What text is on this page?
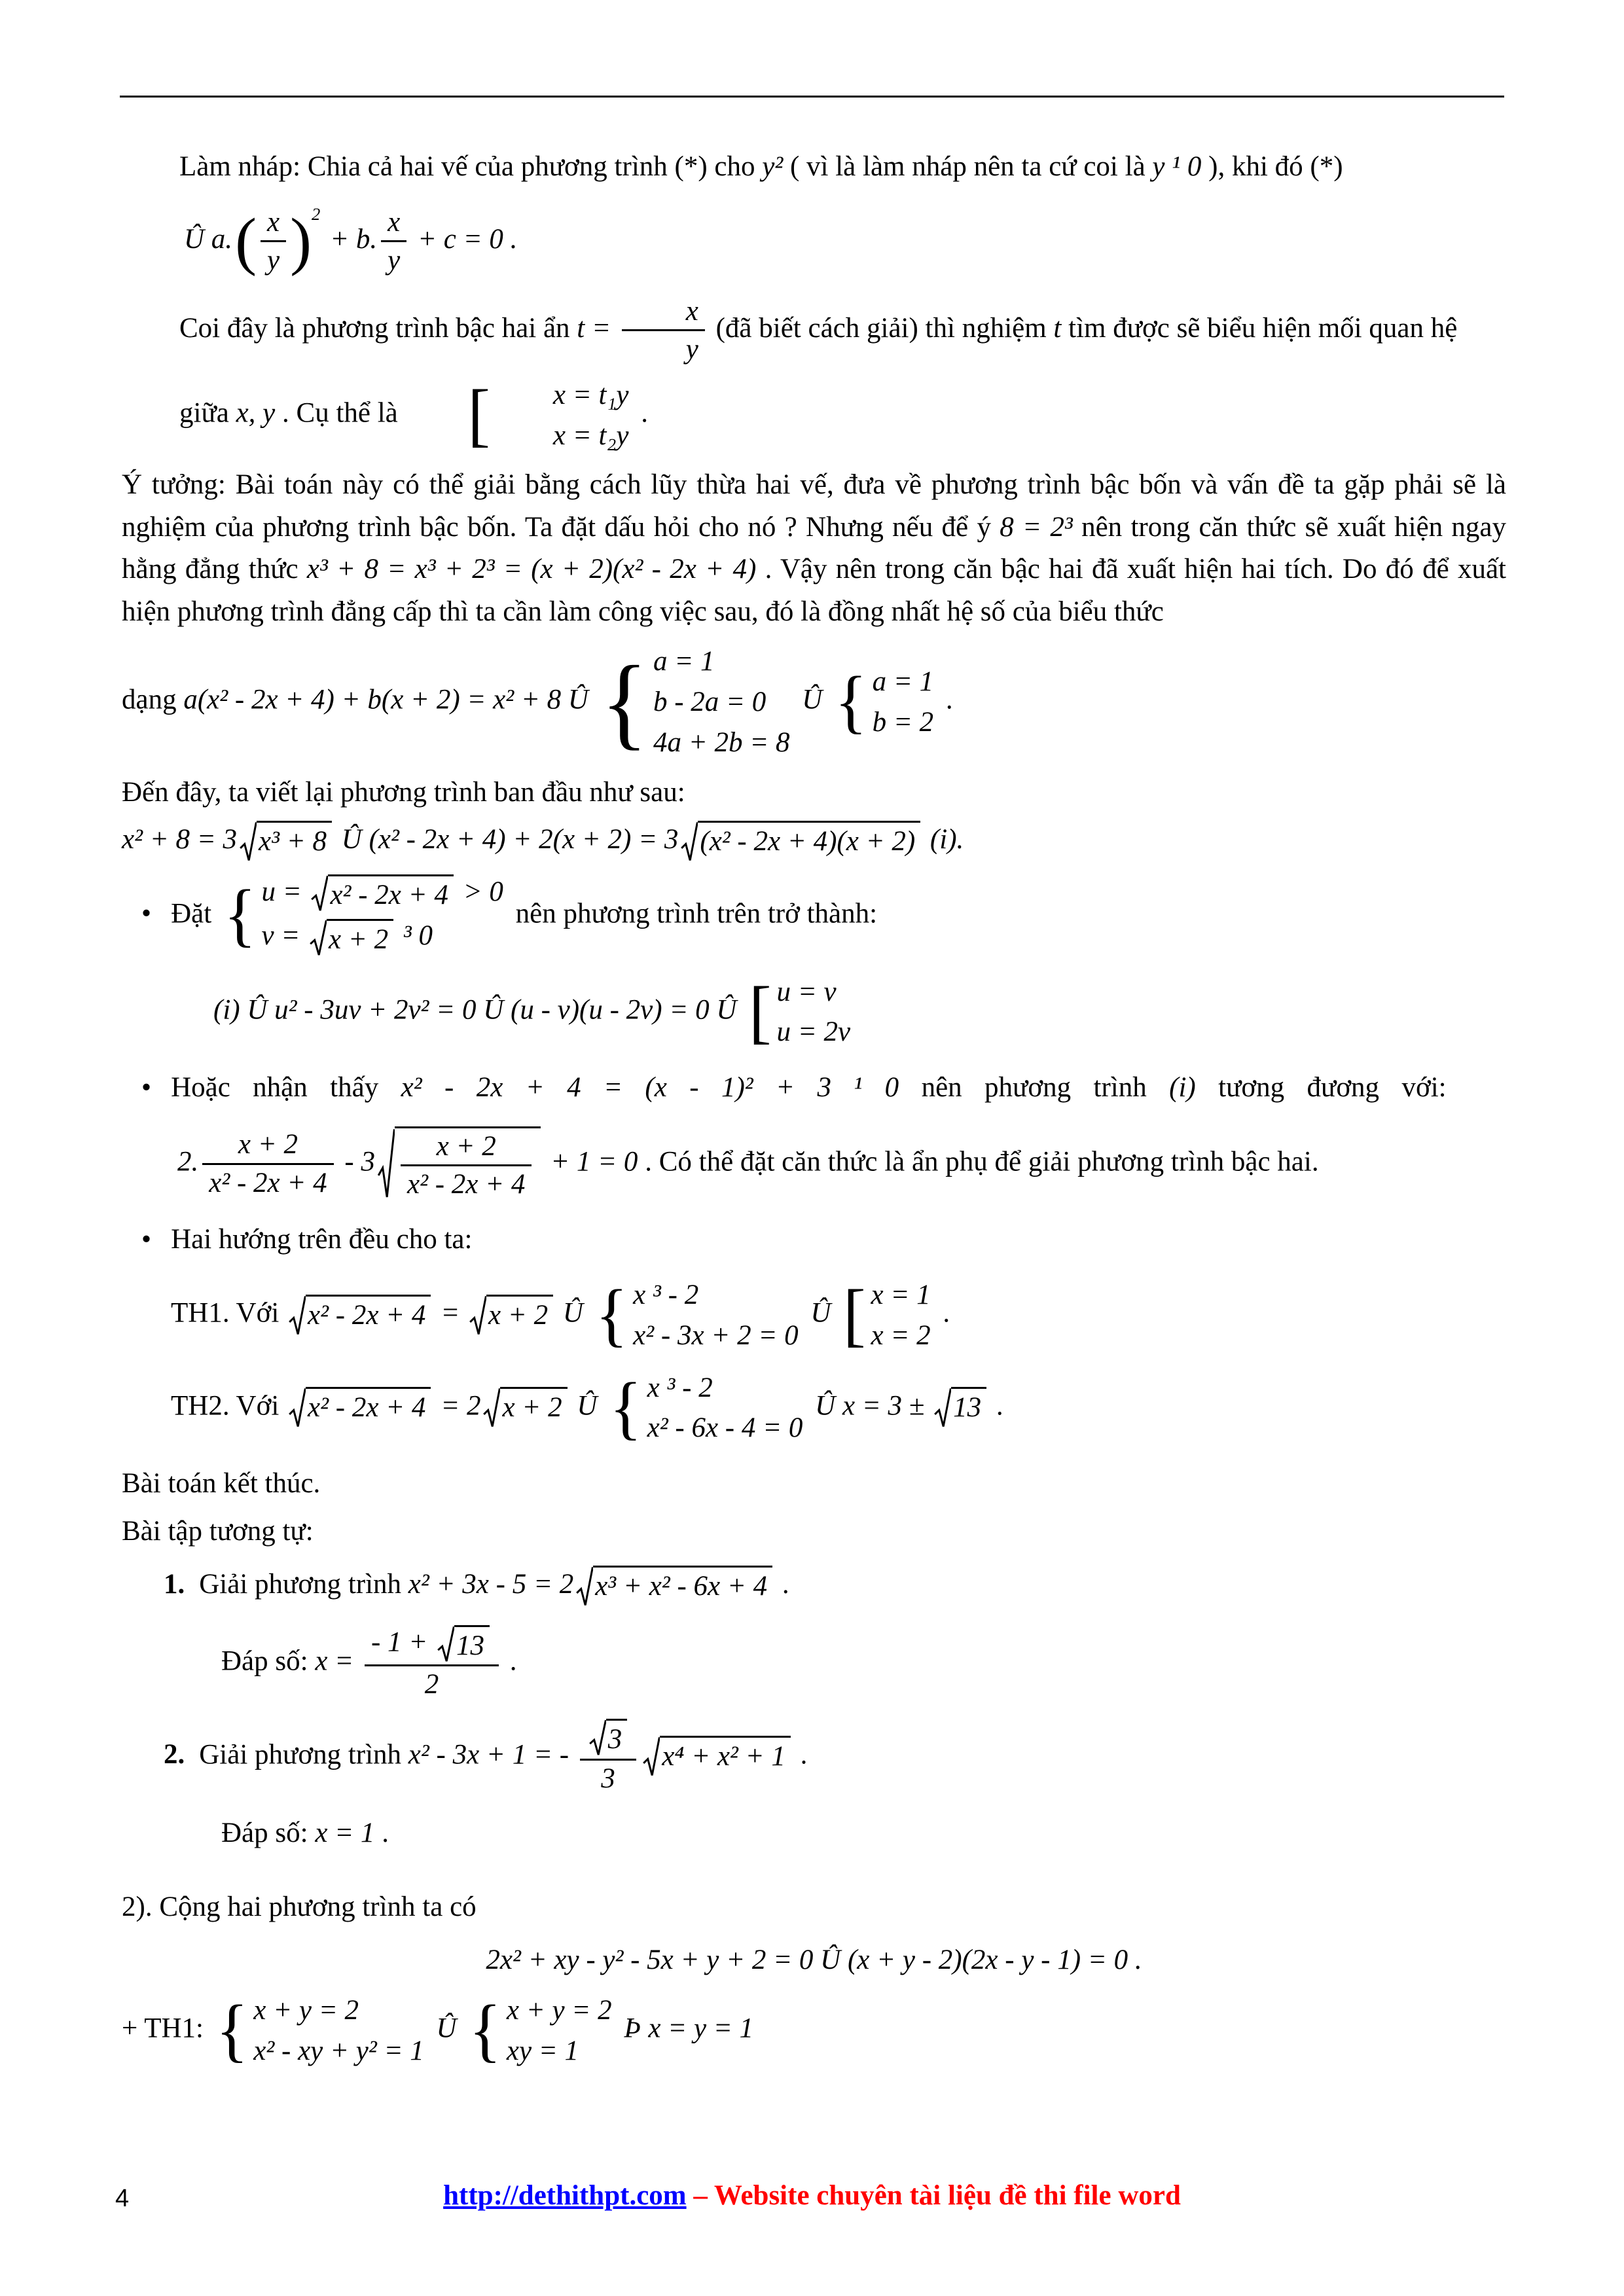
Làm nháp: Chia cả hai vế của phương trình (*) cho y² ( vì là làm nháp nên ta cứ coi là y ¹ 0 ), khi đó (*)
Û a. ( $\frac{x}{y}$ ) 2
+ b. $\frac{x}{y} + c = 0$ .
Coi đây là phương trình bậc hai ẩn $t = \frac{x}{y}$ (đã biết cách giải) thì nghiệm t tìm được sẽ biểu hiện mối quan hệ
giữa x, y . Cụ thể là [	x = t₁y
x = t₂y
.
Ý tưởng: Bài toán này có thể giải bằng cách lũy thừa hai vế, đưa về phương trình bậc bốn và vấn đề ta gặp phải sẽ là nghiệm của phương trình bậc bốn. Ta đặt dấu hỏi cho nó ? Nhưng nếu để ý 8 = 2³ nên trong căn thức sẽ xuất hiện ngay hằng đẳng thức x³ + 8 = x³ + 2³ = (x + 2)(x² - 2x + 4) . Vậy nên trong căn bậc hai đã xuất hiện hai tích. Do đó để xuất hiện phương trình đẳng cấp thì ta cần làm công việc sau, đó là đồng nhất hệ số của biểu thức
dạng a(x² - 2x + 4) + b(x + 2) = x² + 8 Û { a = 1
b - 2a = 0
4a + 2b = 8
Û { a = 1
b = 2
.
Đến đây, ta viết lại phương trình ban đầu như sau:
x² + 8 = 3 x³ + 8 Û (x² - 2x + 4) + 2(x + 2) = 3 (x² - 2x + 4)(x + 2) (i).
• Đặt { u =
x² - 2x + 4 > 0
v =
x + 2 ³ 0
nên phương trình trên trở thành:
(i) Û u² - 3uv + 2v² = 0 Û (u - v)(u - 2v) = 0 Û [ u = v
u = 2v
• Hoặc nhận thấy x² - 2x + 4 = (x - 1)² + 3 ¹ 0 nên phương trình (i) tương đương với:
2. $\frac{x + 2}{\text{x² - 2x + 4}} - 3 \frac{x + 2}{\text{x² - 2x + 4}} + 1 = 0$ . Có thể đặt căn thức là ẩn phụ để giải phương trình bậc hai.
• Hai hướng trên đều cho ta:
TH1. Với
x² - 2x + 4 =
x + 2 Û { x ³ - 2
x² - 3x + 2 = 0
Û [ x = 1
x = 2
.
TH2. Với
x² - 2x + 4 = 2 x + 2 Û { x ³ - 2
x² - 6x - 4 = 0
Û x = 3 ±
13 .
Bài toán kết thúc.
Bài tập tương tự:
1. Giải phương trình x² + 3x - 5 = 2 x³ + x² - 6x + 4 .
Đáp số: x = - 1 +
13
2 .
2. Giải phương trình x² - 3x + 1 = - $\frac{3}{3} x^4 + x^2 + 1$ .
Đáp số: x = 1 .
2). Cộng hai phương trình ta có
2x² + xy - y² - 5x + y + 2 = 0 Û (x + y - 2)(2x - y - 1) = 0 .
+ TH1: { x + y = 2
x² - xy + y² = 1
Û { x + y = 2
xy = 1
Þ x = y = 1
4	http://dethithpt.com – Website chuyên tài liệu đề thi file word
